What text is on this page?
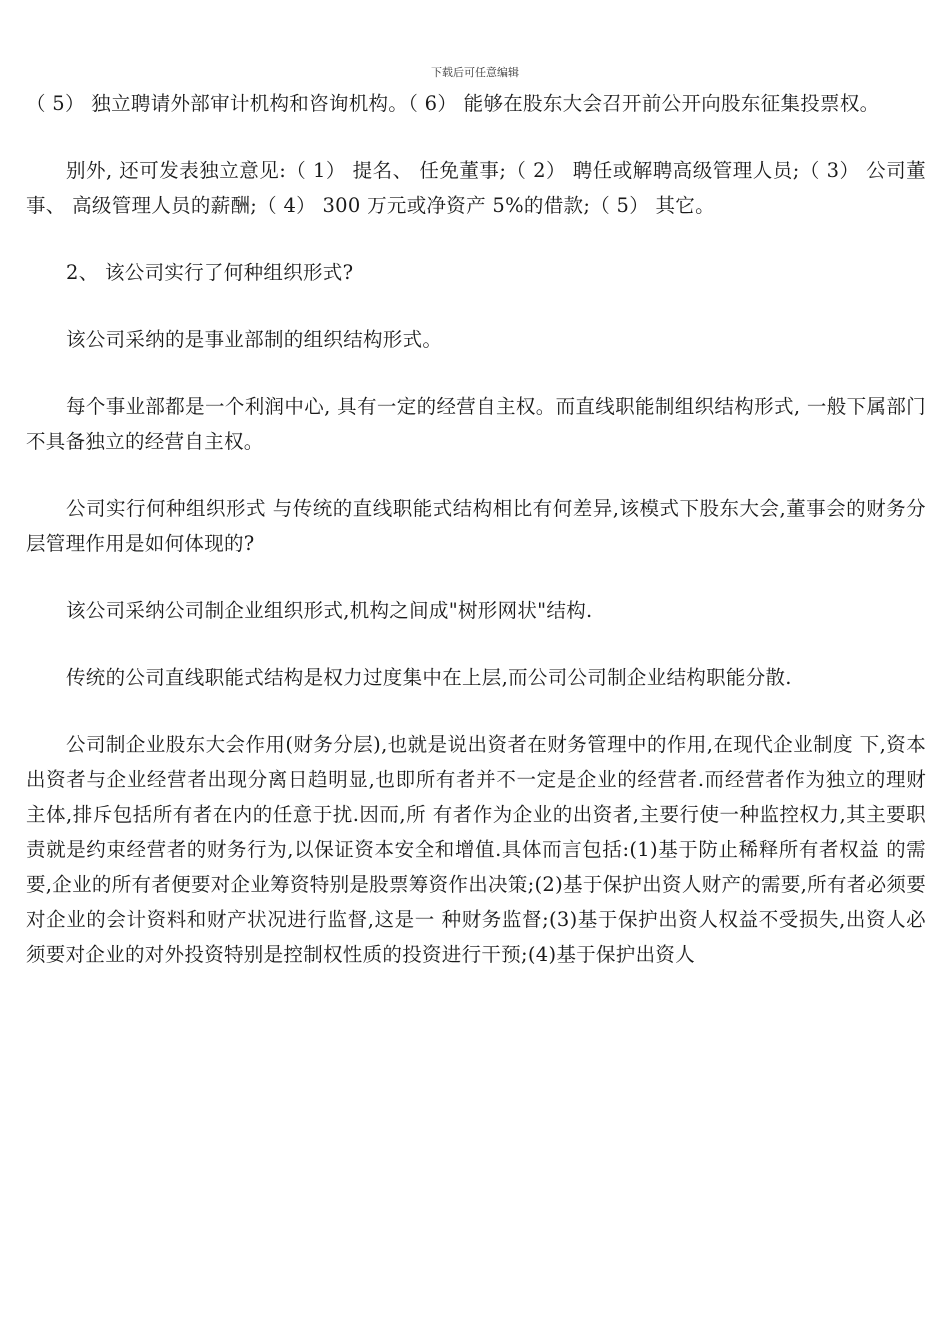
下载后可任意编辑

（ 5） 独立聘请外部审计机构和咨询机构。（ 6） 能够在股东大会召开前公开向股东征集投票权。

别外, 还可发表独立意见:（ 1） 提名、 任免董事;（ 2） 聘任或解聘高级管理人员;（ 3） 公司董事、 高级管理人员的薪酬;（ 4） 300 万元或净资产 5%的借款;（ 5） 其它。

2、 该公司实行了何种组织形式?

该公司采纳的是事业部制的组织结构形式。

每个事业部都是一个利润中心, 具有一定的经营自主权。而直线职能制组织结构形式, 一般下属部门不具备独立的经营自主权。

公司实行何种组织形式 与传统的直线职能式结构相比有何差异,该模式下股东大会,董事会的财务分层管理作用是如何体现的?

该公司采纳公司制企业组织形式,机构之间成"树形网状"结构.

传统的公司直线职能式结构是权力过度集中在上层,而公司公司制企业结构职能分散.

公司制企业股东大会作用(财务分层),也就是说出资者在财务管理中的作用,在现代企业制度 下,资本出资者与企业经营者出现分离日趋明显,也即所有者并不一定是企业的经营者.而经营者作为独立的理财主体,排斥包括所有者在内的任意于扰.因而,所 有者作为企业的出资者,主要行使一种监控权力,其主要职责就是约束经营者的财务行为,以保证资本安全和增值.具体而言包括:(1)基于防止稀释所有者权益 的需要,企业的所有者便要对企业筹资特别是股票筹资作出决策;(2)基于保护出资人财产的需要,所有者必须要对企业的会计资料和财产状况进行监督,这是一 种财务监督;(3)基于保护出资人权益不受损失,出资人必须要对企业的对外投资特别是控制权性质的投资进行干预;(4)基于保护出资人
